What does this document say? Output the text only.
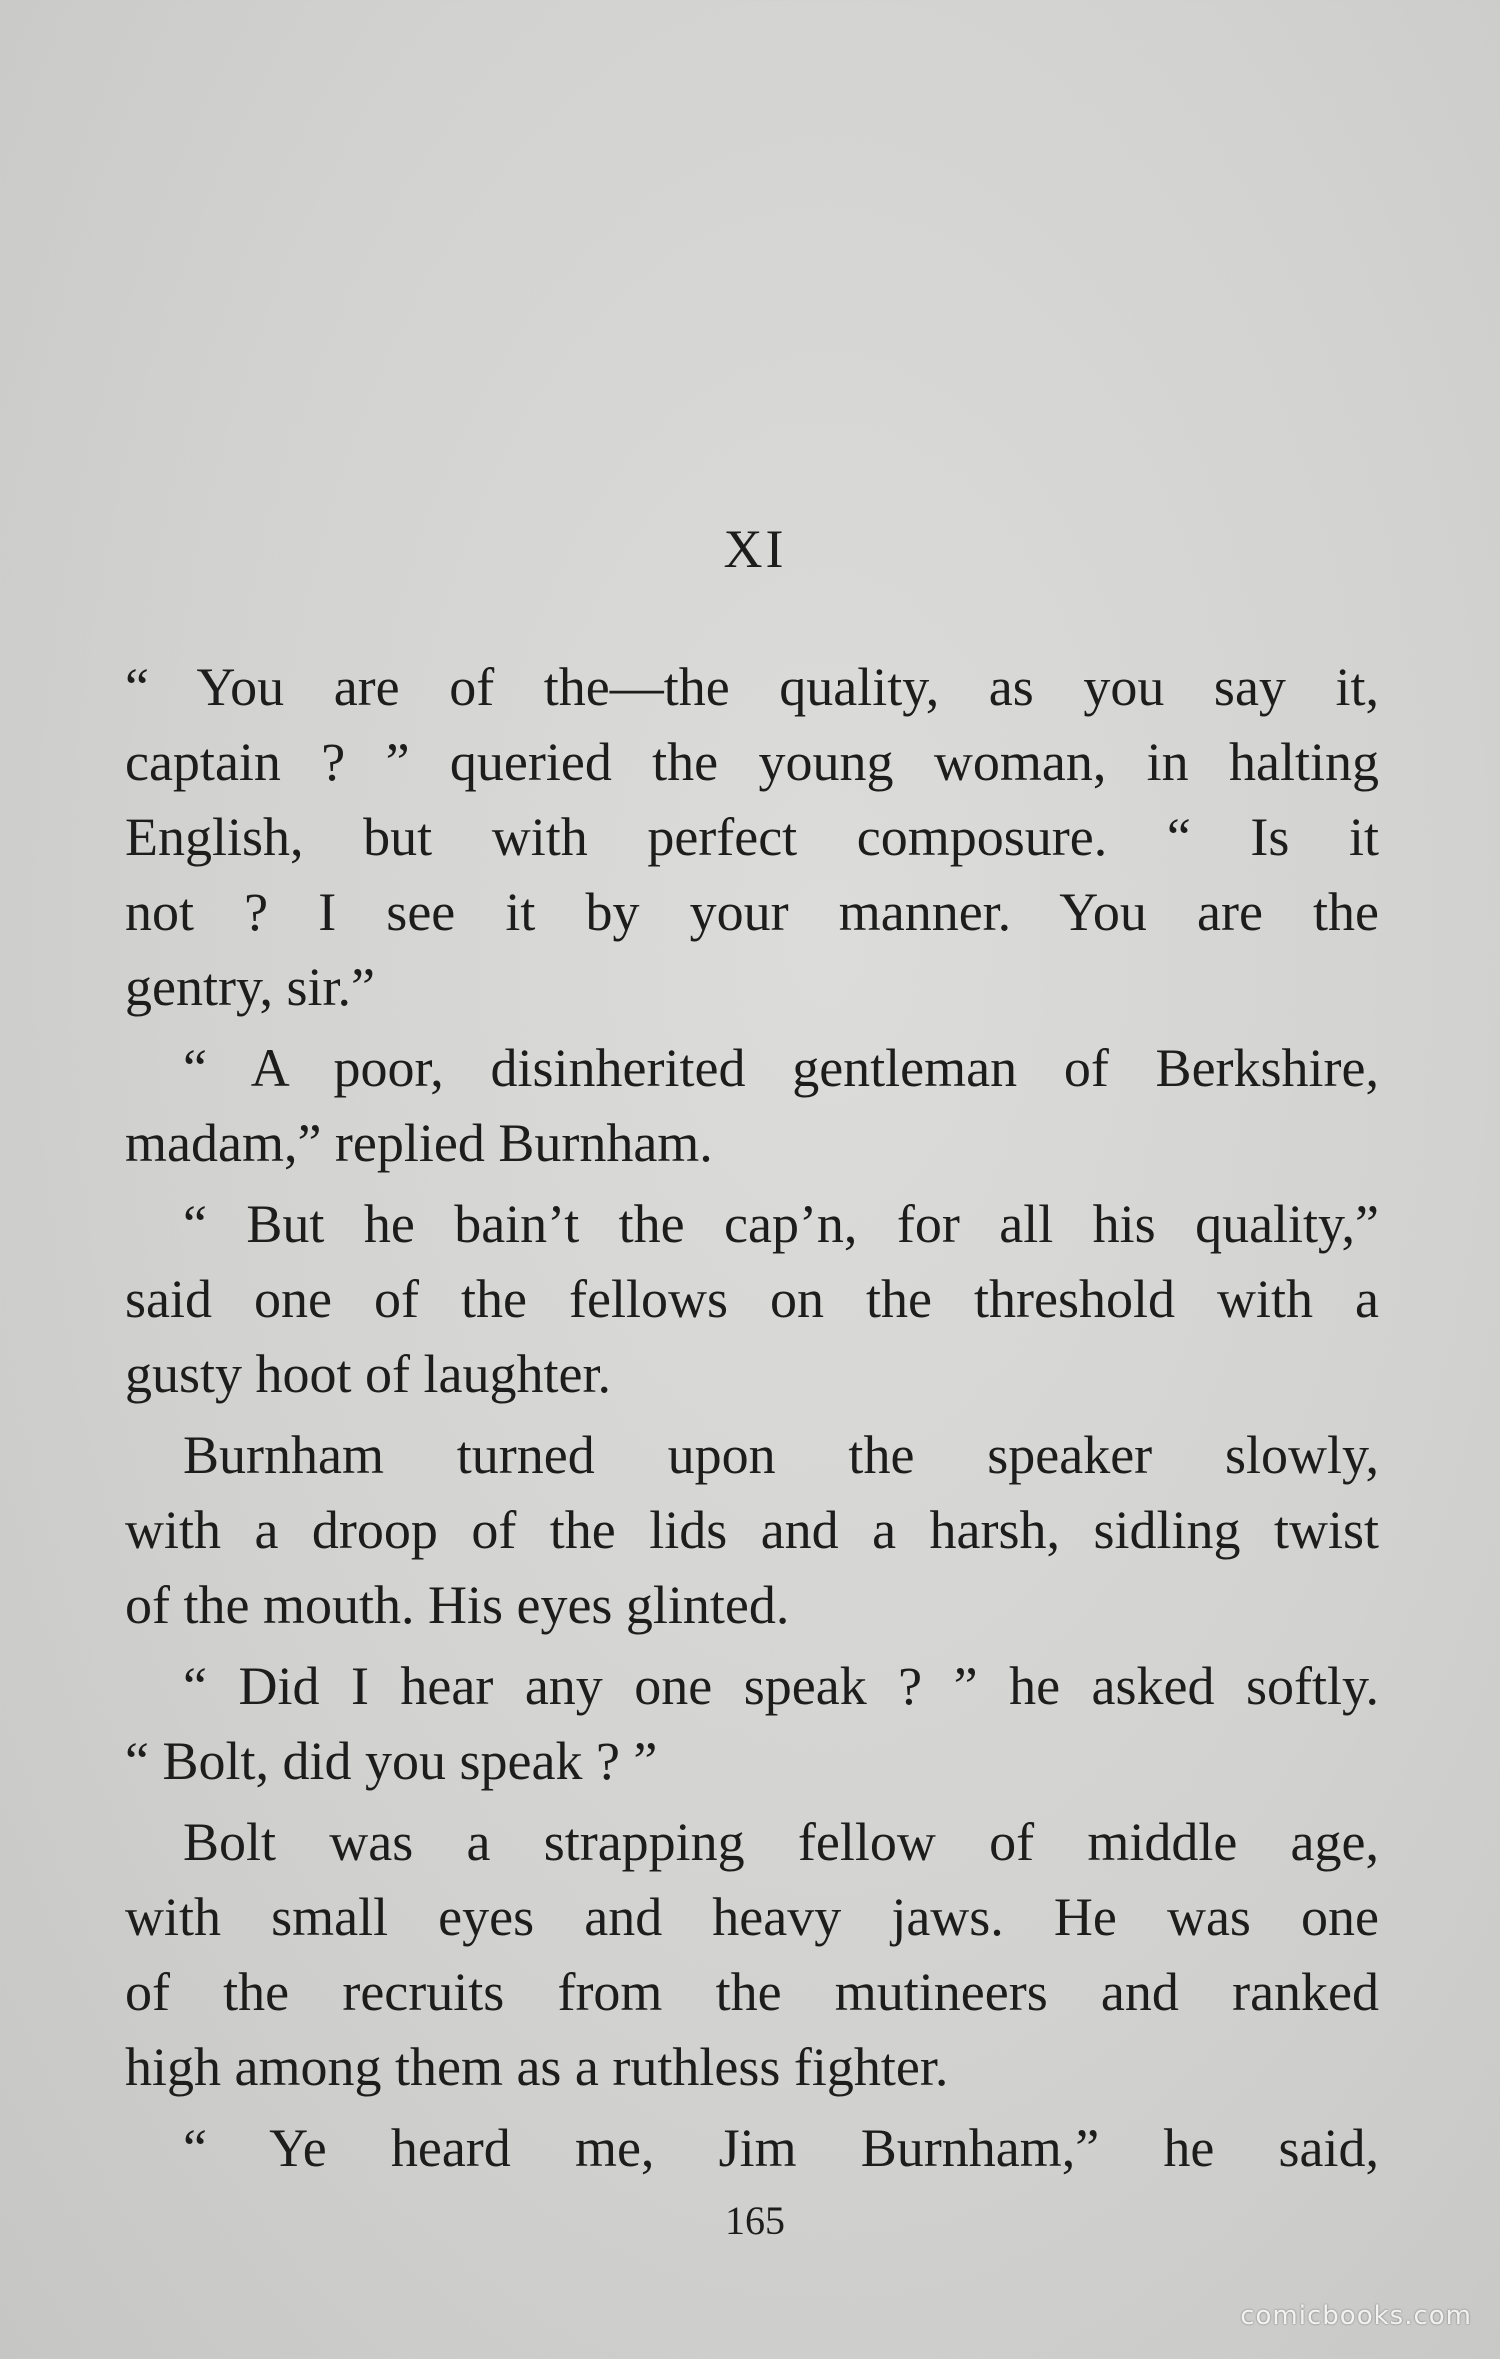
XI
“ You are of the—the quality, as you say it,
captain ? ” queried the young woman, in halting
English, but with perfect composure. “ Is it
not ? I see it by your manner. You are the
gentry, sir.”
“ A poor, disinherited gentleman of Berkshire,
madam,” replied Burnham.
“ But he bain’t the cap’n, for all his quality,”
said one of the fellows on the threshold with a
gusty hoot of laughter.
Burnham turned upon the speaker slowly,
with a droop of the lids and a harsh, sidling twist
of the mouth. His eyes glinted.
“ Did I hear any one speak ? ” he asked softly.
“ Bolt, did you speak ? ”
Bolt was a strapping fellow of middle age,
with small eyes and heavy jaws. He was one
of the recruits from the mutineers and ranked
high among them as a ruthless fighter.
“ Ye heard me, Jim Burnham,” he said,
165
comicbooks.com
